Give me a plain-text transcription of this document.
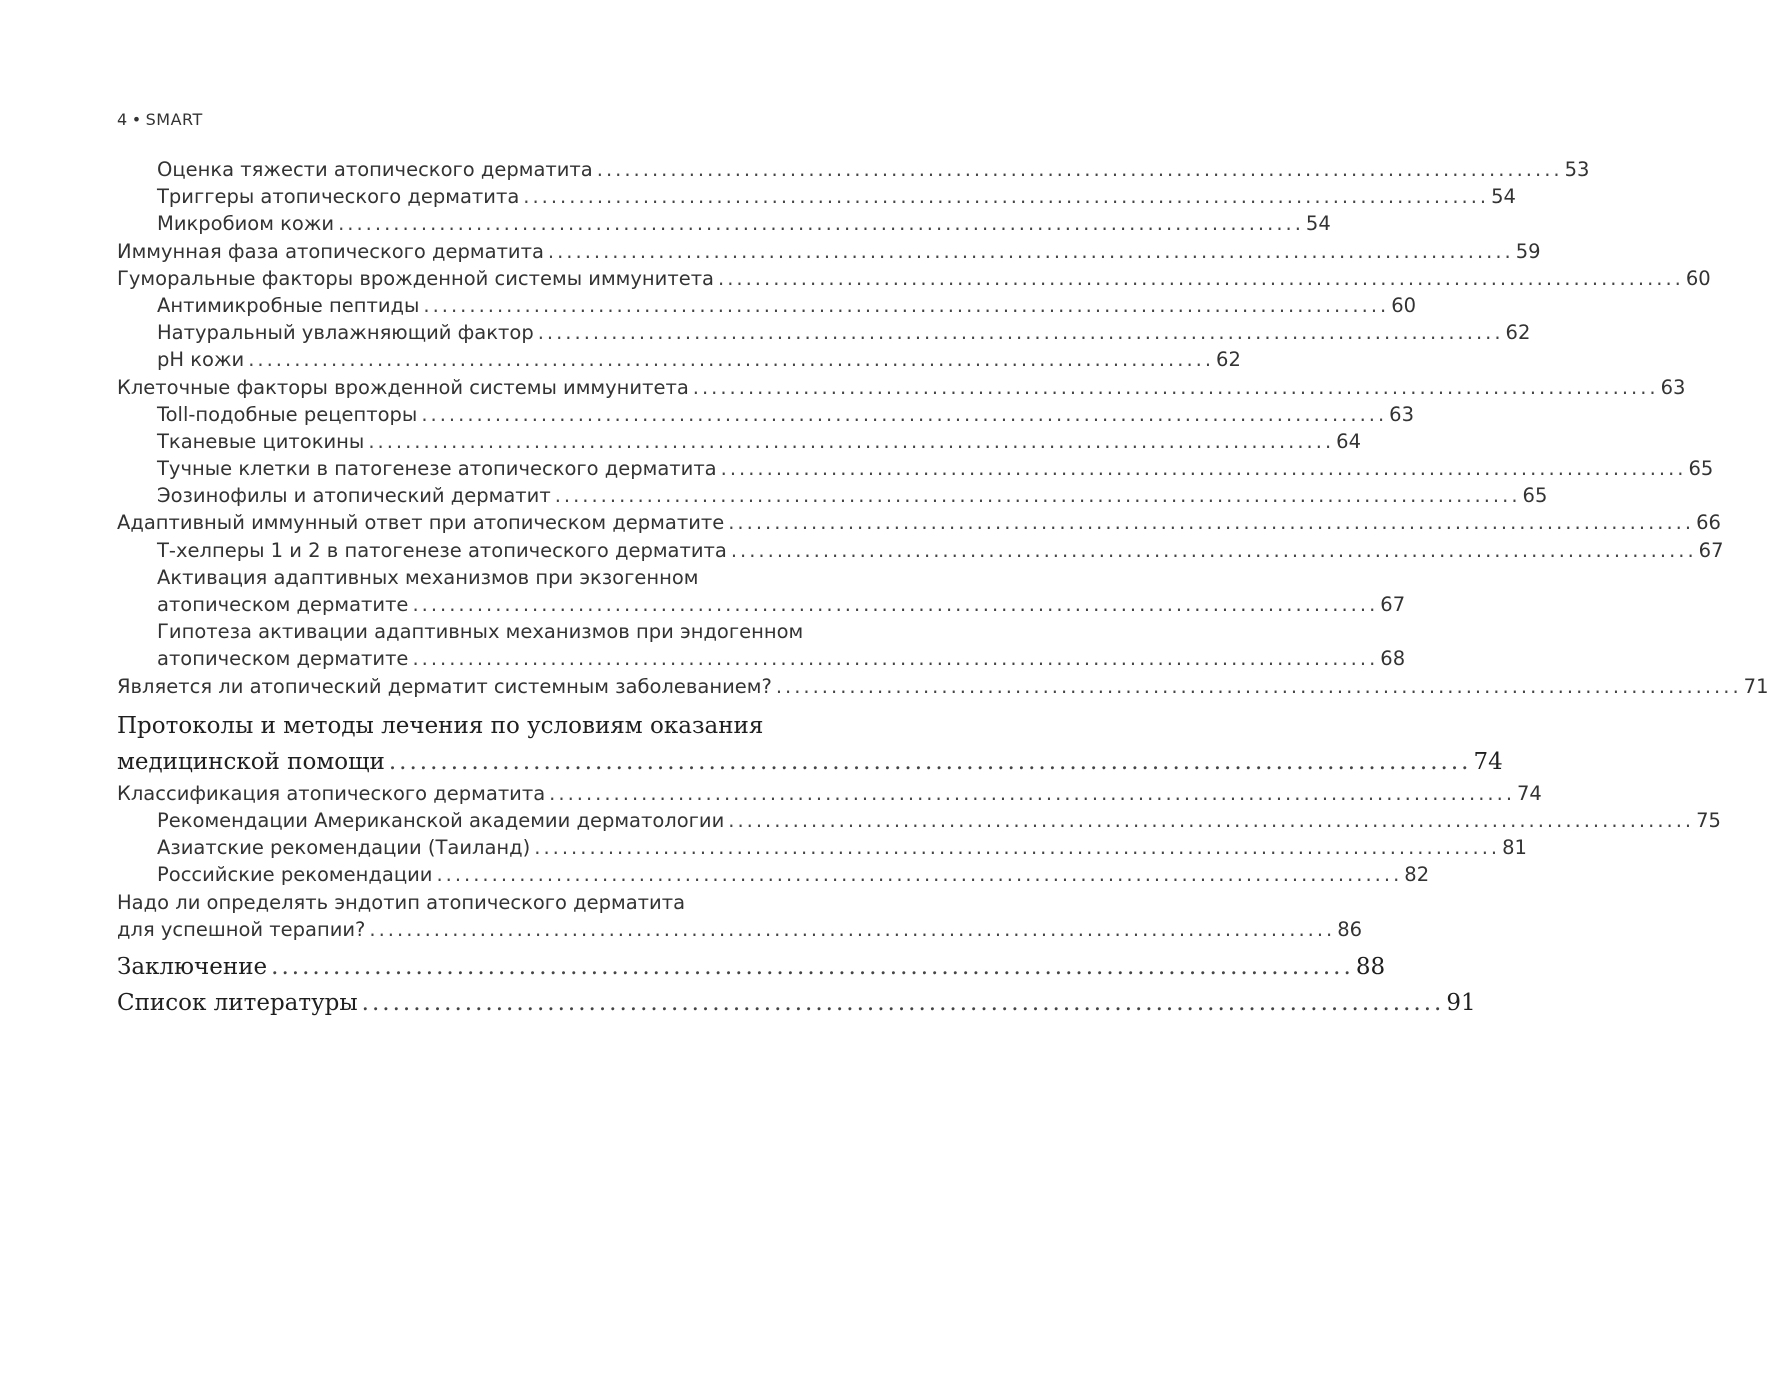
4 • SMART
Оценка тяжести атопического дерматита ......................................................................................................... 53
Триггеры атопического дерматита ......................................................................................................... 54
Микробиом кожи ......................................................................................................... 54
Иммунная фаза атопического дерматита ......................................................................................................... 59
Гуморальные факторы врожденной системы иммунитета ......................................................................................................... 60
Антимикробные пептиды ......................................................................................................... 60
Натуральный увлажняющий фактор ......................................................................................................... 62
pH кожи ......................................................................................................... 62
Клеточные факторы врожденной системы иммунитета ......................................................................................................... 63
Toll-подобные рецепторы ......................................................................................................... 63
Тканевые цитокины ......................................................................................................... 64
Тучные клетки в патогенезе атопического дерматита ......................................................................................................... 65
Эозинофилы и атопический дерматит ......................................................................................................... 65
Адаптивный иммунный ответ при атопическом дерматите ......................................................................................................... 66
Т-хелперы 1 и 2 в патогенезе атопического дерматита ......................................................................................................... 67
Активация адаптивных механизмов при экзогенном
атопическом дерматите ......................................................................................................... 67
Гипотеза активации адаптивных механизмов при эндогенном
атопическом дерматите ......................................................................................................... 68
Является ли атопический дерматит системным заболеванием? ......................................................................................................... 71
Протоколы и методы лечения по условиям оказания
медицинской помощи ......................................................................................................... 74
Классификация атопического дерматита ......................................................................................................... 74
Рекомендации Американской академии дерматологии ......................................................................................................... 75
Азиатские рекомендации (Таиланд) ......................................................................................................... 81
Российские рекомендации ......................................................................................................... 82
Надо ли определять эндотип атопического дерматита
для успешной терапии? ......................................................................................................... 86
Заключение ......................................................................................................... 88
Список литературы ......................................................................................................... 91
